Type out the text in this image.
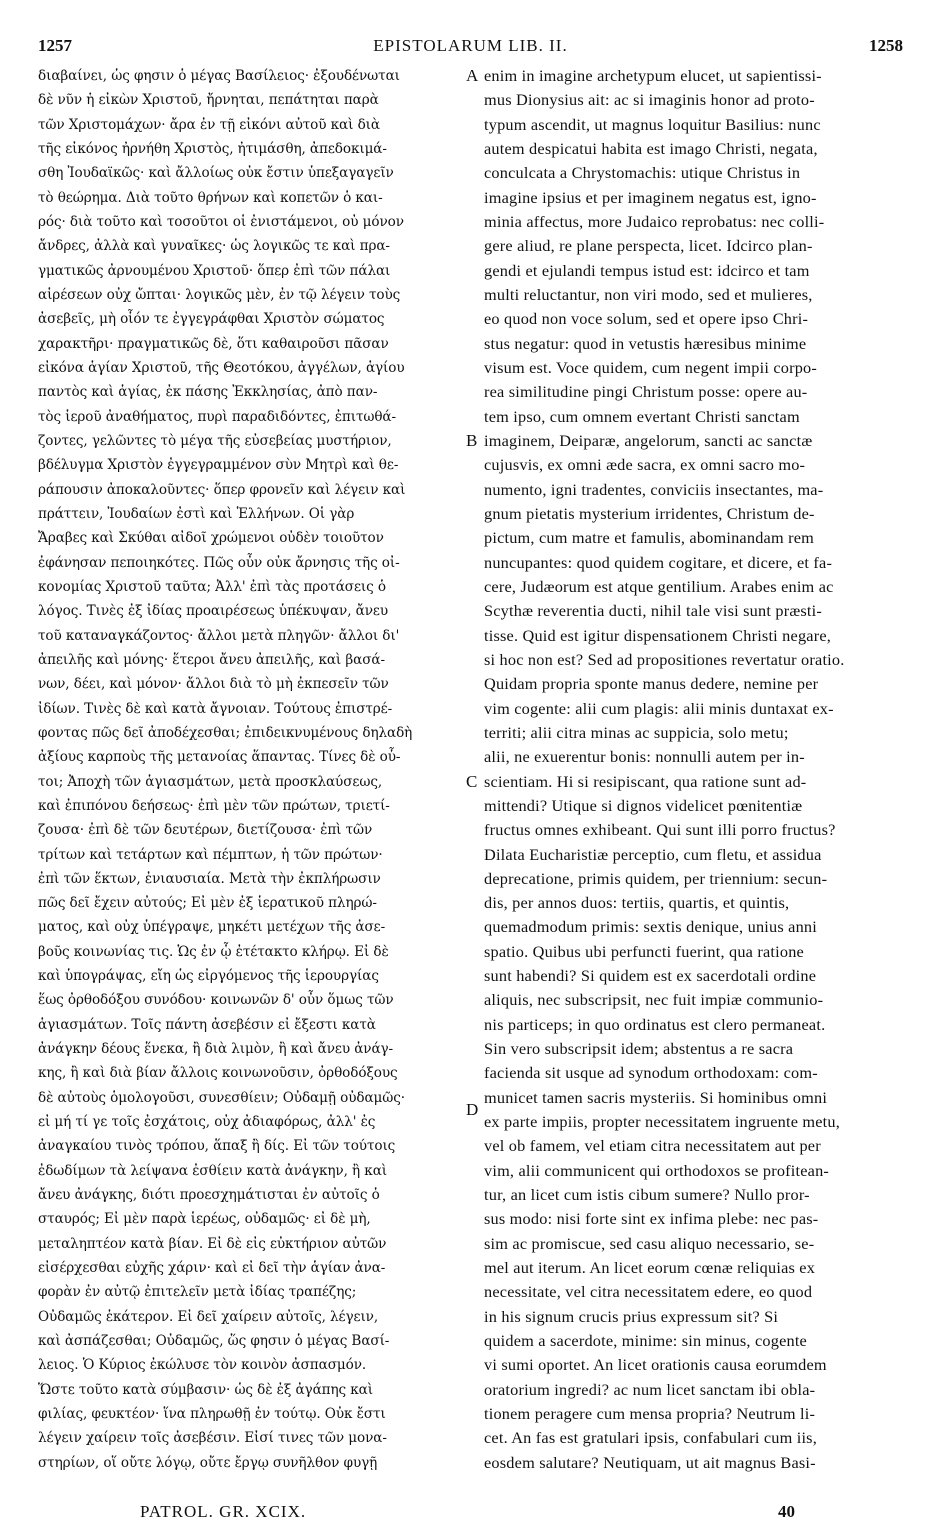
1257	EPISTOLARUM LIB. II.	1258
διαβαίνει, ὡς φησιν ὁ μέγας Βασίλειος· ἐξουδένωται
δὲ νῦν ἡ εἰκὼν Χριστοῦ, ἤρνηται, πεπάτηται παρὰ
τῶν Χριστομάχων· ἄρα ἐν τῇ εἰκόνι αὐτοῦ καὶ διὰ
τῆς εἰκόνος ἠρνήθη Χριστὸς, ἠτιμάσθη, ἀπεδοκιμά-
σθη Ἰουδαϊκῶς· καὶ ἄλλοίως οὐκ ἔστιν ὑπεξαγαγεῖν
τὸ θεώρημα. Διὰ τοῦτο θρήνων καὶ κοπετῶν ὁ και-
ρός· διὰ τοῦτο καὶ τοσοῦτοι οἱ ἐνιστάμενοι, οὐ μόνον
ἄνδρες, ἀλλὰ καὶ γυναῖκες· ὡς λογικῶς τε καὶ πρα-
γματικῶς ἀρνουμένου Χριστοῦ· ὅπερ ἐπὶ τῶν πάλαι
αἱρέσεων οὐχ ὤπται· λογικῶς μὲν, ἐν τῷ λέγειν τοὺς
ἀσεβεῖς, μὴ οἷόν τε ἐγγεγράφθαι Χριστὸν σώματος
χαρακτῆρι· πραγματικῶς δὲ, ὅτι καθαιροῦσι πᾶσαν
εἰκόνα ἁγίαν Χριστοῦ, τῆς Θεοτόκου, ἀγγέλων, ἁγίου
παντὸς καὶ ἁγίας, ἐκ πάσης Ἐκκλησίας, ἀπὸ παν-
τὸς ἱεροῦ ἀναθήματος, πυρὶ παραδιδόντες, ἐπιτωθά-
ζοντες, γελῶντες τὸ μέγα τῆς εὐσεβείας μυστήριον,
βδέλυγμα Χριστὸν ἐγγεγραμμένον σὺν Μητρὶ καὶ θε-
ράπουσιν ἀποκαλοῦντες· ὅπερ φρονεῖν καὶ λέγειν καὶ
πράττειν, Ἰουδαίων ἐστὶ καὶ Ἑλλήνων. Οἱ γὰρ
Ἄραβες καὶ Σκύθαι αἰδοῖ χρώμενοι οὐδὲν τοιοῦτον
ἐφάνησαν πεποιηκότες. Πῶς οὖν οὐκ ἄρνησις τῆς οἰ-
κονομίας Χριστοῦ ταῦτα; Ἀλλ' ἐπὶ τὰς προτάσεις ὁ
λόγος. Τινὲς ἐξ ἰδίας προαιρέσεως ὑπέκυψαν, ἄνευ
τοῦ καταναγκάζοντος· ἄλλοι μετὰ πληγῶν· ἄλλοι δι'
ἀπειλῆς καὶ μόνης· ἕτεροι ἄνευ ἀπειλῆς, καὶ βασά-
νων, δέει, καὶ μόνον· ἄλλοι διὰ τὸ μὴ ἐκπεσεῖν τῶν
ἰδίων. Τινὲς δὲ καὶ κατὰ ἄγνοιαν. Τούτους ἐπιστρέ-
φοντας πῶς δεῖ ἀποδέχεσθαι; ἐπιδεικνυμένους δηλαδὴ
ἀξίους καρποὺς τῆς μετανοίας ἅπαντας. Τίνες δὲ οὗ-
τοι; Ἀποχὴ τῶν ἁγιασμάτων, μετὰ προσκλαύσεως,
καὶ ἐπιπόνου δεήσεως· ἐπὶ μὲν τῶν πρώτων, τριετί-
ζουσα· ἐπὶ δὲ τῶν δευτέρων, διετίζουσα· ἐπὶ τῶν
τρίτων καὶ τετάρτων καὶ πέμπτων, ἡ τῶν πρώτων·
ἐπὶ τῶν ἕκτων, ἐνιαυσιαία. Μετὰ τὴν ἐκπλήρωσιν
πῶς δεῖ ἔχειν αὐτούς; Εἰ μὲν ἐξ ἱερατικοῦ πληρώ-
ματος, καὶ οὐχ ὑπέγραψε, μηκέτι μετέχων τῆς ἀσε-
βοῦς κοινωνίας τις. Ὡς ἐν ᾧ ἐτέτακτο κλήρῳ. Εἰ δὲ
καὶ ὑπογράψας, εἴη ὡς εἰργόμενος τῆς ἱερουργίας
ἕως ὀρθοδόξου συνόδου· κοινωνῶν δ' οὖν ὅμως τῶν
ἁγιασμάτων. Τοῖς πάντη ἀσεβέσιν εἰ ἔξεστι κατὰ
ἀνάγκην δέους ἕνεκα, ἢ διὰ λιμὸν, ἢ καὶ ἄνευ ἀνάγ-
κης, ἢ καὶ διὰ βίαν ἄλλοις κοινωνοῦσιν, ὀρθοδόξους
δὲ αὐτοὺς ὁμολογοῦσι, συνεσθίειν; Οὐδαμῇ οὐδαμῶς·
εἰ μή τί γε τοῖς ἐσχάτοις, οὐχ ἀδιαφόρως, ἀλλ' ἐς
ἀναγκαίου τινὸς τρόπου, ἅπαξ ἢ δίς. Εἰ τῶν τούτοις
ἐδωδίμων τὰ λείψανα ἐσθίειν κατὰ ἀνάγκην, ἢ καὶ
ἄνευ ἀνάγκης, διότι προεσχημάτισται ἐν αὐτοῖς ὁ
σταυρός; Εἰ μὲν παρὰ ἱερέως, οὐδαμῶς· εἰ δὲ μὴ,
μεταληπτέον κατὰ βίαν. Εἰ δὲ εἰς εὐκτήριον αὐτῶν
εἰσέρχεσθαι εὐχῆς χάριν· καὶ εἰ δεῖ τὴν ἁγίαν ἀνα-
φορὰν ἐν αὐτῷ ἐπιτελεῖν μετὰ ἰδίας τραπέζης;
Οὐδαμῶς ἑκάτερον. Εἰ δεῖ χαίρειν αὐτοῖς, λέγειν,
καὶ ἀσπάζεσθαι; Οὐδαμῶς, ὥς φησιν ὁ μέγας Βασί-
λειος. Ὁ Κύριος ἐκώλυσε τὸν κοινὸν ἀσπασμόν.
Ὥστε τοῦτο κατὰ σύμβασιν· ὡς δὲ ἐξ ἀγάπης καὶ
φιλίας, φευκτέον· ἵνα πληρωθῇ ἐν τούτῳ. Οὐκ ἔστι
λέγειν χαίρειν τοῖς ἀσεβέσιν. Εἰσί τινες τῶν μονα-
στηρίων, οἵ οὔτε λόγῳ, οὔτε ἔργῳ συνῆλθον φυγῇ
enim in imagine archetypum elucet, ut sapientissi-
mus Dionysius ait: ac si imaginis honor ad proto-
typum ascendit, ut magnus loquitur Basilius: nunc
autem despicatui habita est imago Christi, negata,
conculcata a Chrystomachis: utique Christus in
imagine ipsius et per imaginem negatus est, igno-
minia affectus, more Judaico reprobatus: nec colli-
gere aliud, re plane perspecta, licet. Idcirco plan-
gendi et ejulandi tempus istud est: idcirco et tam
multi reluctantur, non viri modo, sed et mulieres,
eo quod non voce solum, sed et opere ipso Chri-
stus negatur: quod in vetustis hæresibus minime
visum est. Voce quidem, cum negent impii corpo-
rea similitudine pingi Christum posse: opere au-
tem ipso, cum omnem evertant Christi sanctam
imaginem, Deiparæ, angelorum, sancti ac sanctæ
cujusvis, ex omni æde sacra, ex omni sacro mo-
numento, igni tradentes, conviciis insectantes, ma-
gnum pietatis mysterium irridentes, Christum de-
pictum, cum matre et famulis, abominandam rem
nuncupantes: quod quidem cogitare, et dicere, et fa-
cere, Judæorum est atque gentilium. Arabes enim ac
Scythæ reverentia ducti, nihil tale visi sunt præsti-
tisse. Quid est igitur dispensationem Christi negare,
si hoc non est? Sed ad propositiones revertatur oratio.
Quidam propria sponte manus dedere, nemine per
vim cogente: alii cum plagis: alii minis duntaxat ex-
territi; alii citra minas ac suppicia, solo metu;
alii, ne exuerentur bonis: nonnulli autem per in-
scientiam. Hi si resipiscant, qua ratione sunt ad-
mittendi? Utique si dignos videlicet pœnitentiæ
fructus omnes exhibeant. Qui sunt illi porro fructus?
Dilata Eucharistiæ perceptio, cum fletu, et assidua
deprecatione, primis quidem, per triennium: secun-
dis, per annos duos: tertiis, quartis, et quintis,
quemadmodum primis: sextis denique, unius anni
spatio. Quibus ubi perfuncti fuerint, qua ratione
sunt habendi? Si quidem est ex sacerdotali ordine
aliquis, nec subscripsit, nec fuit impiæ communio-
nis particeps; in quo ordinatus est clero permaneat.
Sin vero subscripsit idem; abstentus a re sacra
facienda sit usque ad synodum orthodoxam: com-
municet tamen sacris mysteriis. Si hominibus omni
ex parte impiis, propter necessitatem ingruente metu,
vel ob famem, vel etiam citra necessitatem aut per
vim, alii communicent qui orthodoxos se profitean-
tur, an licet cum istis cibum sumere? Nullo pror-
sus modo: nisi forte sint ex infima plebe: nec pas-
sim ac promiscue, sed casu aliquo necessario, se-
mel aut iterum. An licet eorum cœnæ reliquias ex
necessitate, vel citra necessitatem edere, eo quod
in his signum crucis prius expressum sit? Si
quidem a sacerdote, minime: sin minus, cogente
vi sumi oportet. An licet orationis causa eorumdem
oratorium ingredi? ac num licet sanctam ibi obla-
tionem peragere cum mensa propria? Neutrum li-
cet. An fas est gratulari ipsis, confabulari cum iis,
eosdem salutare? Neutiquam, ut ait magnus Basi-
A
B
C
D
PATROL. GR. XCIX.	40
